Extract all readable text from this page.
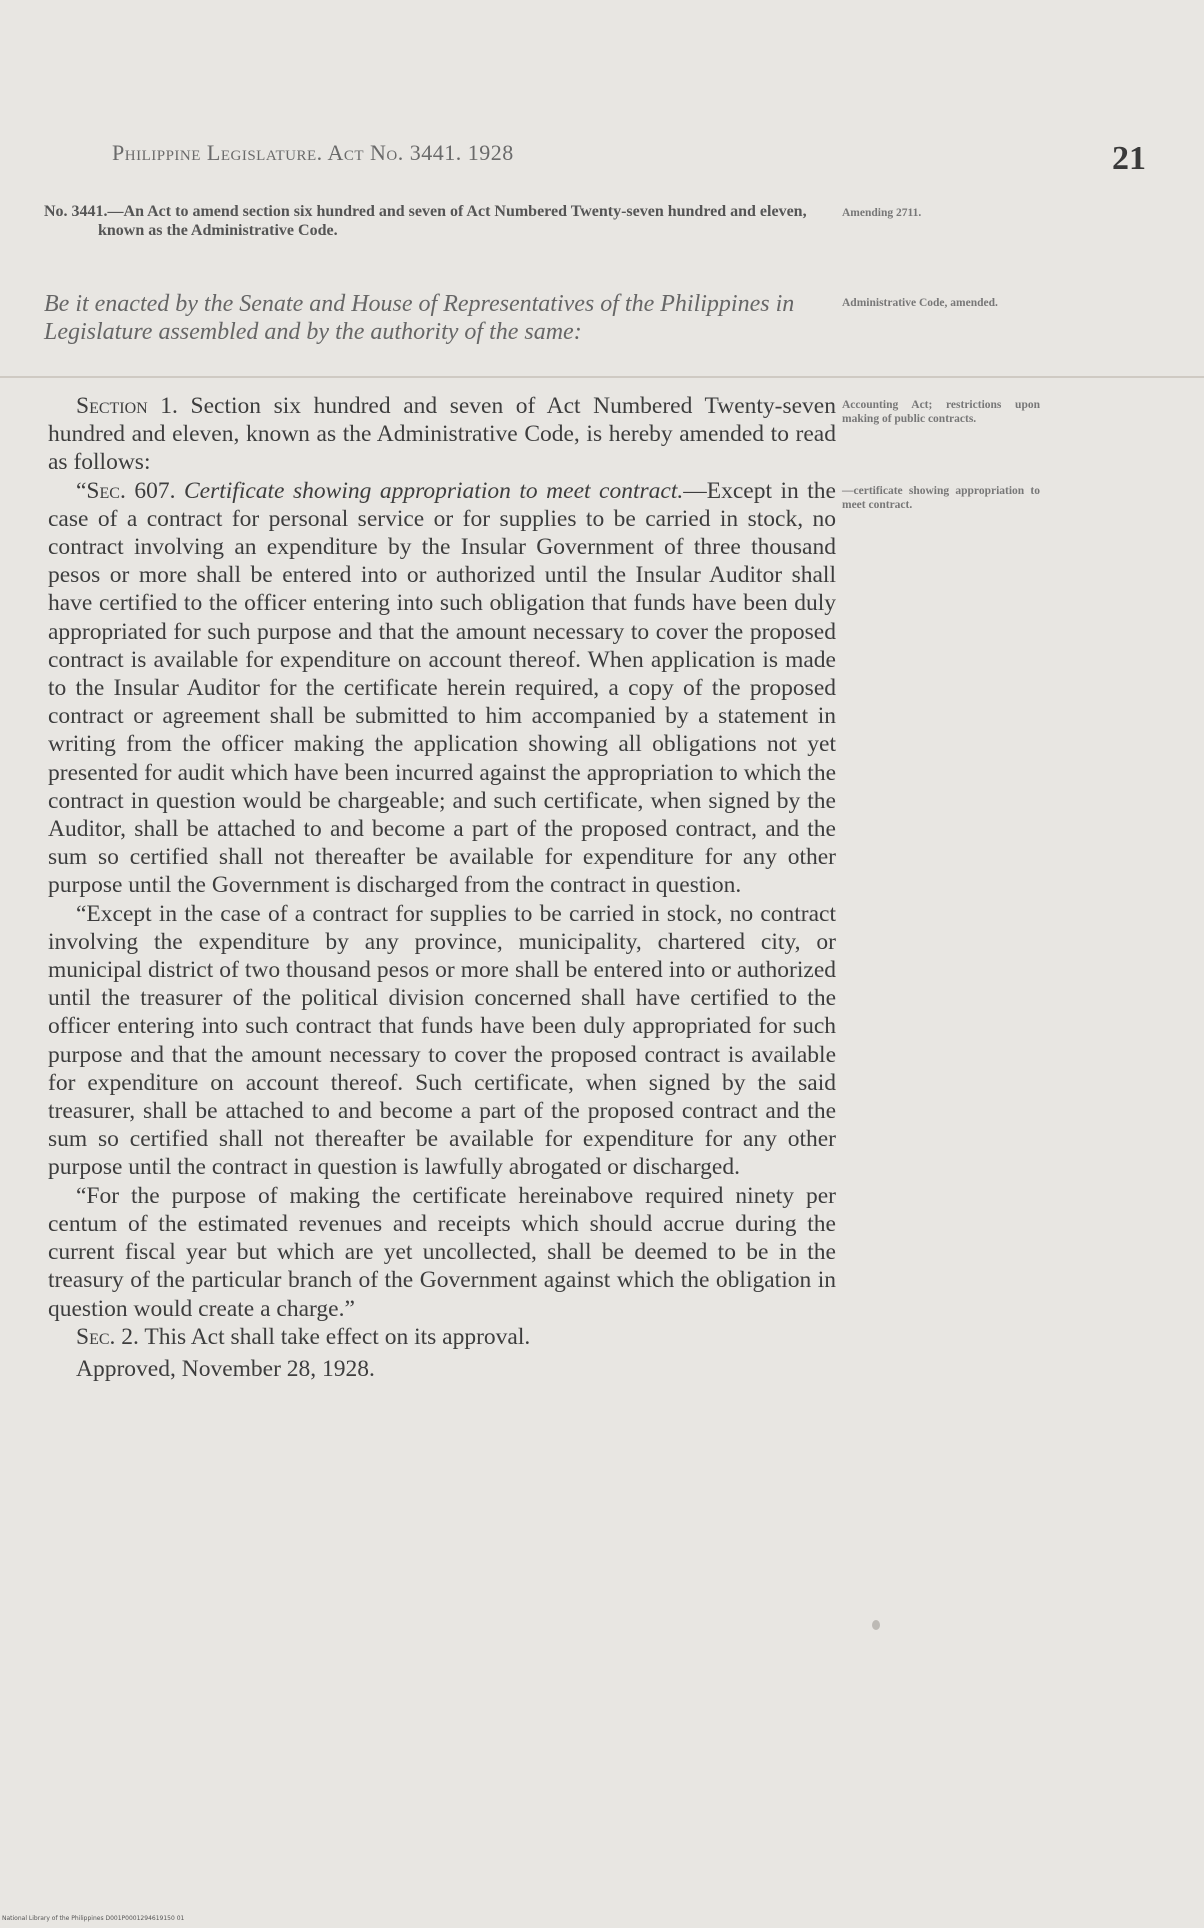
Philippine Legislature. Act No. 3441. 1928	21
No. 3441.—An Act to amend section six hundred and seven of Act Numbered Twenty-seven hundred and eleven, known as the Administrative Code.
Be it enacted by the Senate and House of Representatives of the Philippines in Legislature assembled and by the authority of the same:

Section 1. Section six hundred and seven of Act Numbered Twenty-seven hundred and eleven, known as the Administrative Code, is hereby amended to read as follows:

“Sec. 607. Certificate showing appropriation to meet contract.—Except in the case of a contract for personal service or for supplies to be carried in stock, no contract involving an expenditure by the Insular Government of three thousand pesos or more shall be entered into or authorized until the Insular Auditor shall have certified to the officer entering into such obligation that funds have been duly appropriated for such purpose and that the amount necessary to cover the proposed contract is available for expenditure on account thereof. When application is made to the Insular Auditor for the certificate herein required, a copy of the proposed contract or agreement shall be submitted to him accompanied by a statement in writing from the officer making the application showing all obligations not yet presented for audit which have been incurred against the appropriation to which the contract in question would be chargeable; and such certificate, when signed by the Auditor, shall be attached to and become a part of the proposed contract, and the sum so certified shall not thereafter be available for expenditure for any other purpose until the Government is discharged from the contract in question.

“Except in the case of a contract for supplies to be carried in stock, no contract involving the expenditure by any province, municipality, chartered city, or municipal district of two thousand pesos or more shall be entered into or authorized until the treasurer of the political division concerned shall have certified to the officer entering into such contract that funds have been duly appropriated for such purpose and that the amount necessary to cover the proposed contract is available for expenditure on account thereof. Such certificate, when signed by the said treasurer, shall be attached to and become a part of the proposed contract and the sum so certified shall not thereafter be available for expenditure for any other purpose until the contract in question is lawfully abrogated or discharged.

“For the purpose of making the certificate hereinabove required ninety per centum of the estimated revenues and receipts which should accrue during the current fiscal year but which are yet uncollected, shall be deemed to be in the treasury of the particular branch of the Government against which the obligation in question would create a charge.”

Sec. 2. This Act shall take effect on its approval.

Approved, November 28, 1928.

Amending 2711.
Administrative Code, amended.
Accounting Act; restrictions upon making of public contracts.
—certificate showing appropriation to meet contract.
National Library of the Philippines D001P0001294619150 01
